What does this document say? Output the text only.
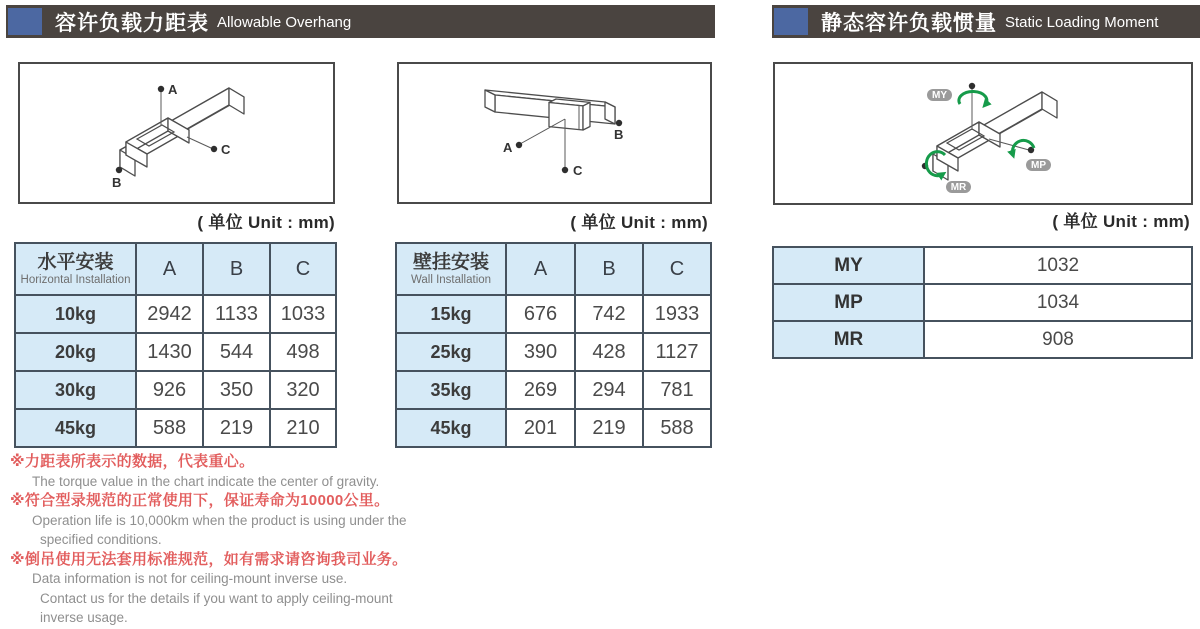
容许负载力距表 Allowable Overhang	静态容许负载惯量 Static Loading Moment
A
B
C	A
B
C
MY
MP
MR
( 单位 Unit : mm)	( 单位 Unit : mm)	( 单位 Unit : mm)
水平安装
Horizontal Installation	A	B	C
10kg	2942	1133	1033
20kg	1430	544	498
30kg	926	350	320
45kg	588	219	210
壁挂安装
Wall Installation	A	B	C
15kg	676	742	1933
25kg	390	428	1127
35kg	269	294	781
45kg	201	219	588
MY	1032
MP	1034
MR	908
※力距表所表示的数据，代表重心。
The torque value in the chart indicate the center of gravity.
※符合型录规范的正常使用下，保证寿命为10000公里。
Operation life is 10,000km when the product is using under the
specified conditions.
※倒吊使用无法套用标准规范，如有需求请咨询我司业务。
Data information is not for ceiling-mount inverse use.
Contact us for the details if you want to apply ceiling-mount
inverse usage.
